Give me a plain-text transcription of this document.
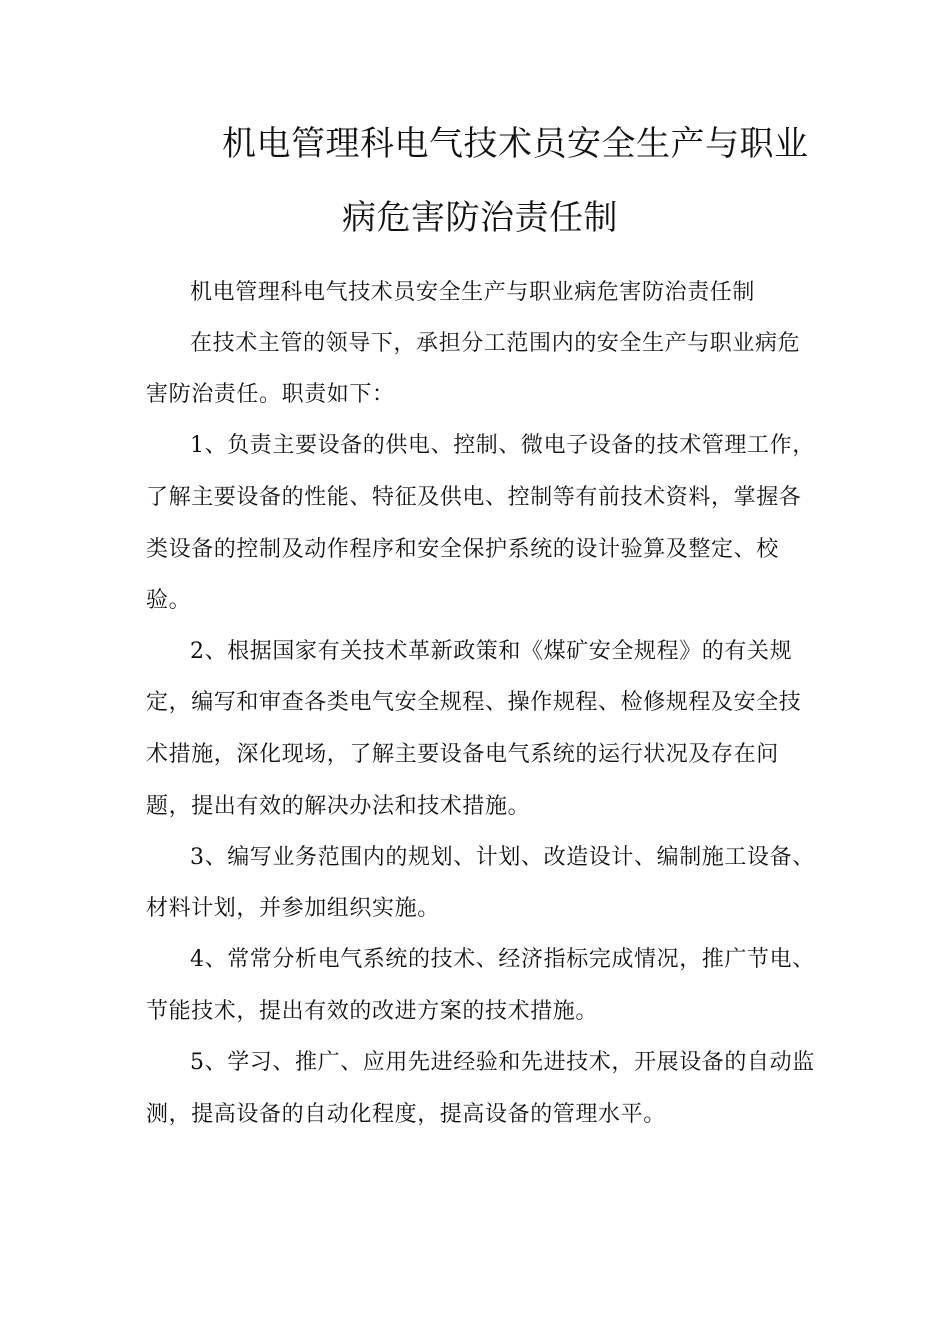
机电管理科电气技术员安全生产与职业
病危害防治责任制
机电管理科电气技术员安全生产与职业病危害防治责任制
在技术主管的领导下，承担分工范围内的安全生产与职业病危
害防治责任。职责如下：
1、负责主要设备的供电、控制、微电子设备的技术管理工作，
了解主要设备的性能、特征及供电、控制等有前技术资料，掌握各
类设备的控制及动作程序和安全保护系统的设计验算及整定、校
验。
2、根据国家有关技术革新政策和《煤矿安全规程》的有关规
定，编写和审查各类电气安全规程、操作规程、检修规程及安全技
术措施，深化现场，了解主要设备电气系统的运行状况及存在问
题，提出有效的解决办法和技术措施。
3、编写业务范围内的规划、计划、改造设计、编制施工设备、
材料计划，并参加组织实施。
4、常常分析电气系统的技术、经济指标完成情况，推广节电、
节能技术，提出有效的改进方案的技术措施。
5、学习、推广、应用先进经验和先进技术，开展设备的自动监
测，提高设备的自动化程度，提高设备的管理水平。
